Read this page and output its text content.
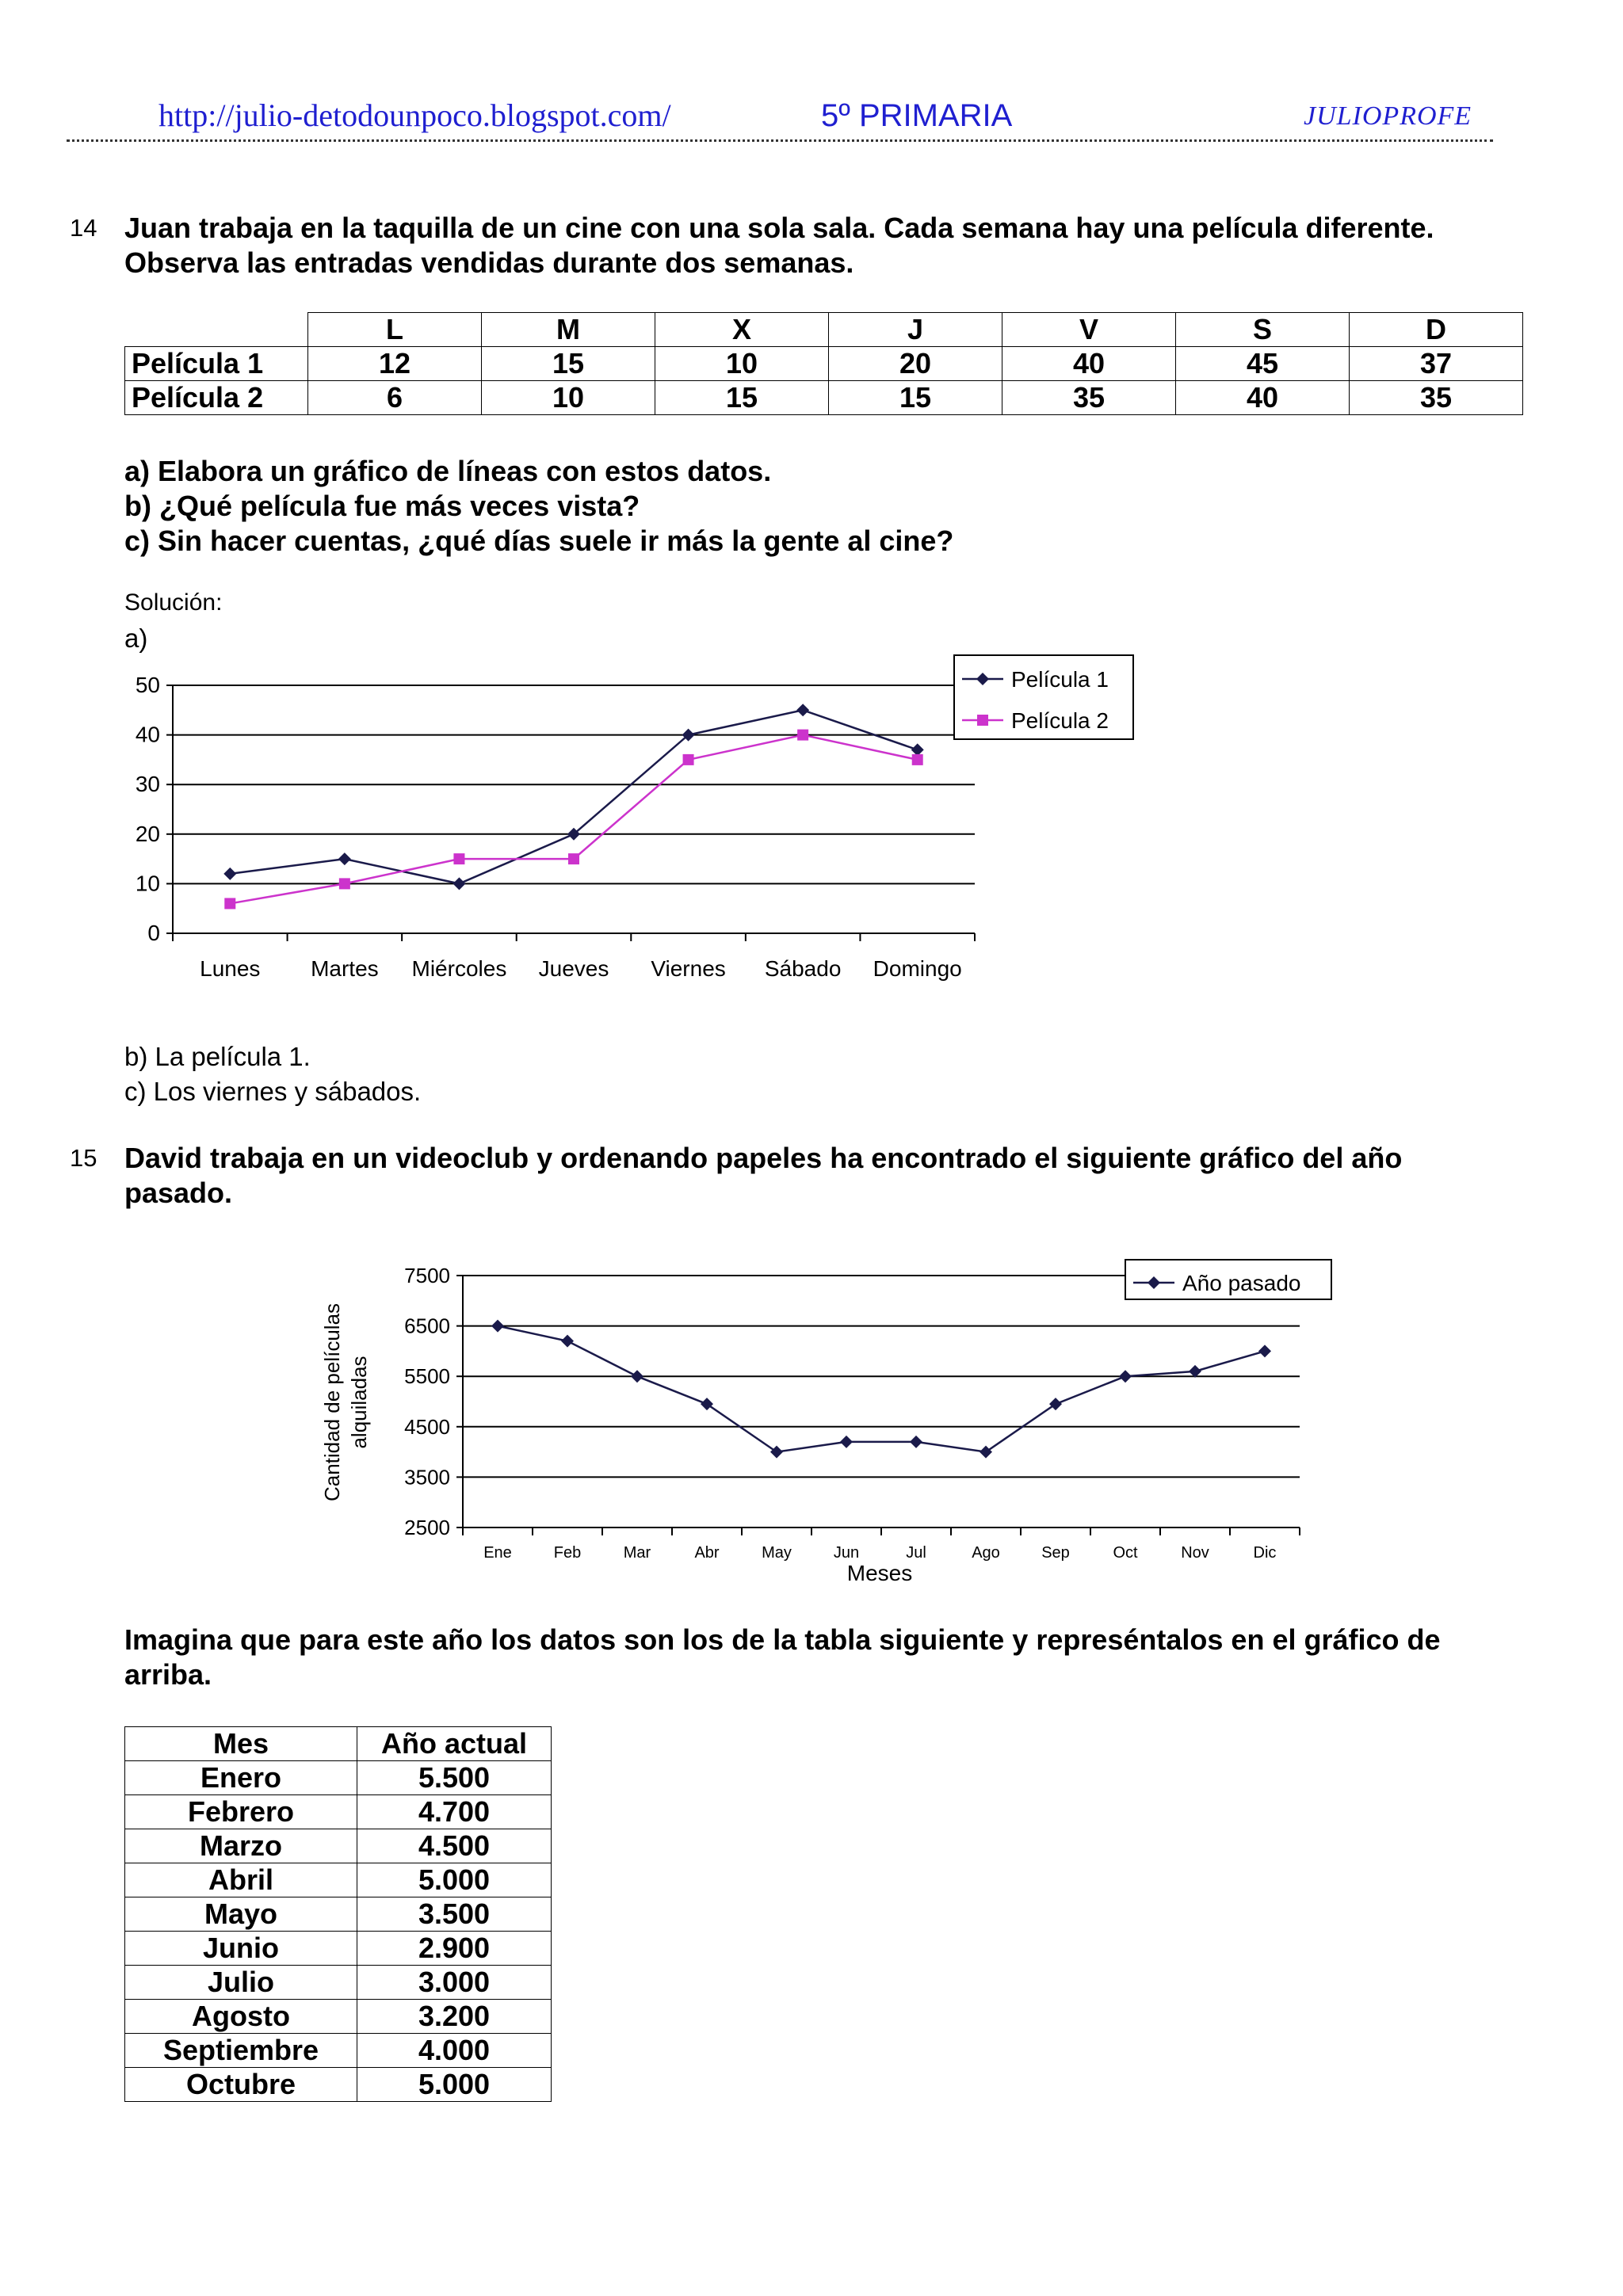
http://julio-detodounpoco.blogspot.com/	5º PRIMARIA	JULIOPROFE
14 Juan trabaja en la taquilla de un cine con una sola sala. Cada semana hay una película diferente.
Observa las entradas vendidas durante dos semanas.
	L	M	X	J	V	S	D
Película 1	12	15	10	20	40	45	37
Película 2	6	10	15	15	35	40	35
a) Elabora un gráfico de líneas con estos datos.
b) ¿Qué película fue más veces vista?
c) Sin hacer cuentas, ¿qué días suele ir más la gente al cine?
Solución:
a)
0
10
20
30
40
50
Lunes Martes Miércoles Jueves Viernes Sábado Domingo
Película 1
Película 2
b) La película 1.
c) Los viernes y sábados.
15 David trabaja en un videoclub y ordenando papeles ha encontrado el siguiente gráfico del año
pasado.
2500
3500
4500
5500
6500
7500
Ene	Feb	Mar	Abr	May	Jun	Jul	Ago	Sep	Oct	Nov	Dic
Año pasado
Meses
Cantidad de películas alquiladas
Imagina que para este año los datos son los de la tabla siguiente y represéntalos en el gráfico de
arriba.
Mes	Año actual
Enero	5.500
Febrero	4.700
Marzo	4.500
Abril	5.000
Mayo	3.500
Junio	2.900
Julio	3.000
Agosto	3.200
Septiembre	4.000
Octubre	5.000
